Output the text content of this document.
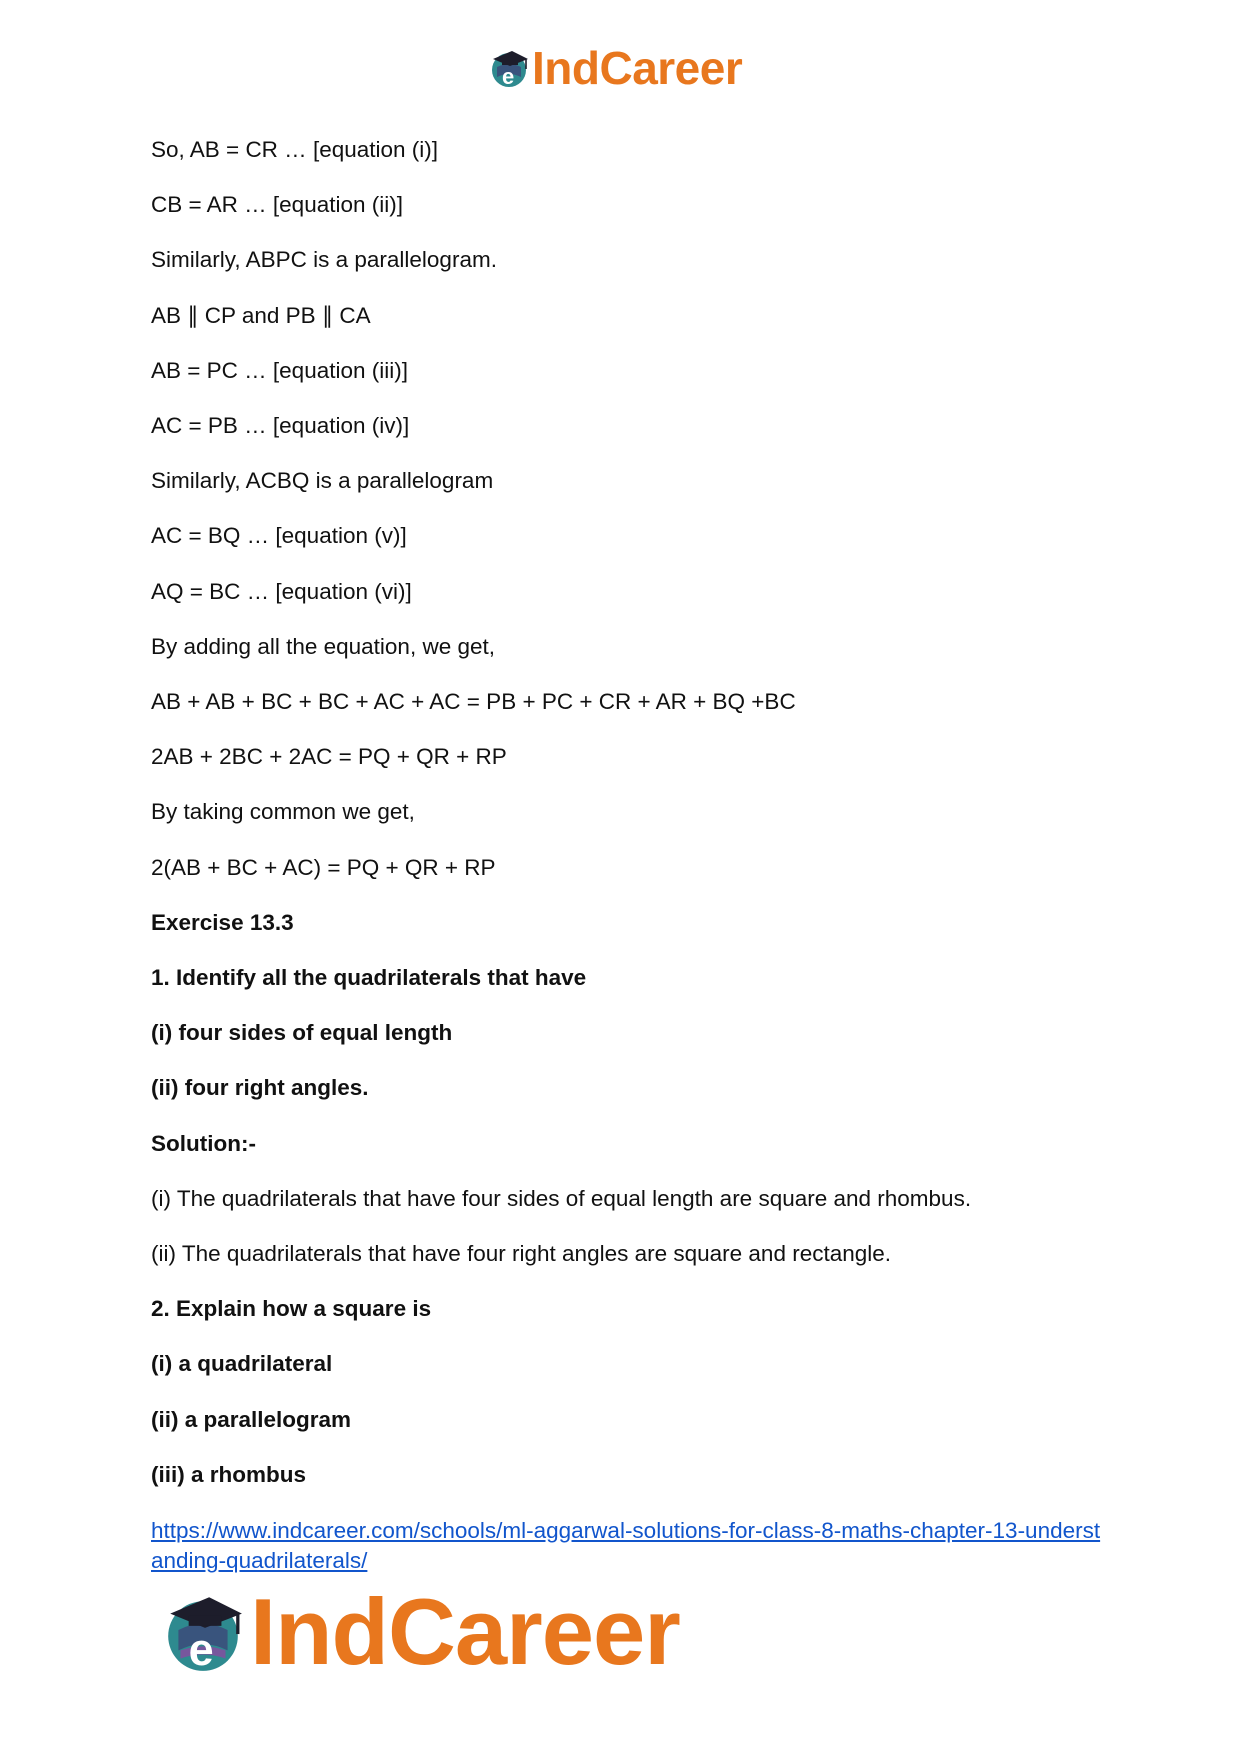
e IndCareer
So, AB = CR … [equation (i)]
CB = AR … [equation (ii)]
Similarly, ABPC is a parallelogram.
AB ∥ CP and PB ∥ CA
AB = PC … [equation (iii)]
AC = PB … [equation (iv)]
Similarly, ACBQ is a parallelogram
AC = BQ … [equation (v)]
AQ = BC … [equation (vi)]
By adding all the equation, we get,
AB + AB + BC + BC + AC + AC = PB + PC + CR + AR + BQ +BC
2AB + 2BC + 2AC = PQ + QR + RP
By taking common we get,
2(AB + BC + AC) = PQ + QR + RP
Exercise 13.3
1. Identify all the quadrilaterals that have
(i) four sides of equal length
(ii) four right angles.
Solution:-
(i) The quadrilaterals that have four sides of equal length are square and rhombus.
(ii) The quadrilaterals that have four right angles are square and rectangle.
2. Explain how a square is
(i) a quadrilateral
(ii) a parallelogram
(iii) a rhombus
https://www.indcareer.com/schools/ml-aggarwal-solutions-for-class-8-maths-chapter-13-understanding-quadrilaterals/
e IndCareer
